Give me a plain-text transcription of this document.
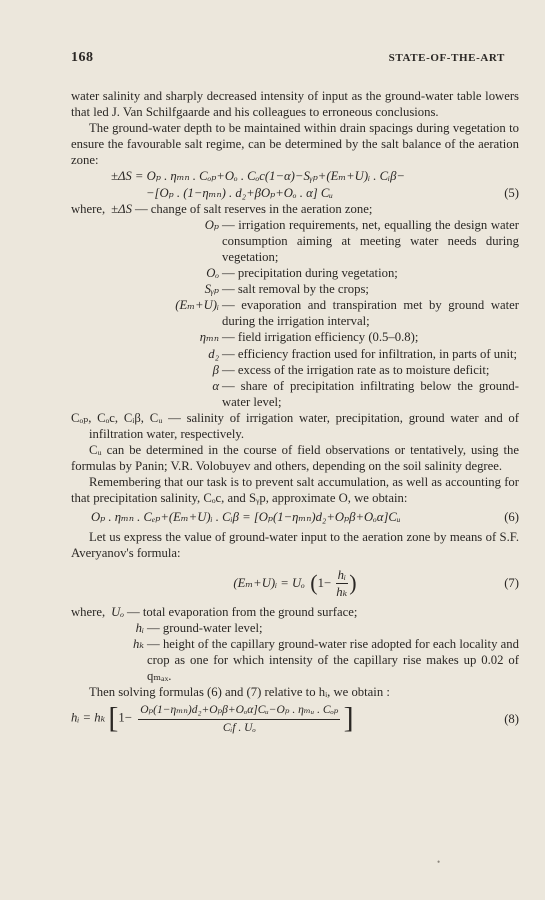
168	STATE-OF-THE-ART

water salinity and sharply decreased intensity of input as the ground-water table lowers that led J. Van Schilfgaarde and his colleagues to erroneous conclusions.

The ground-water depth to be maintained within drain spacings during vegetation to ensure the favourable salt regime, can be determined by the salt balance of the aeration zone:

±ΔS = Oₚ . ηₘₙ . Cₒₚ+Oₒ . Cₒc(1−α)−Sᵧₚ+(Eₘ+U)ᵢ . Cᵢβ−
−[Oₚ . (1−ηₘₙ) . d₂+βOₚ+Oₒ . α] Cᵤ	(5)
where, ±ΔS — change of salt reserves in the aeration zone;
Oₚ — irrigation requirements, net, equalling the design water consumption aiming at meeting water needs during vegetation;
Oₒ — precipitation during vegetation;
Sᵧₚ — salt removal by the crops;
(Eₘ+U)ᵢ — evaporation and transpiration met by ground water during the irrigation interval;
ηₘₙ — field irrigation efficiency (0.5–0.8);
d₂ — efficiency fraction used for infiltration, in parts of unit;
β — excess of the irrigation rate as to moisture deficit;
α — share of precipitation infiltrating below the ground-water level;

Cₒₚ, Cₒc, Cᵢβ, Cᵤ — salinity of irrigation water, precipitation, ground water and of infiltration water, respectively.

Cᵤ can be determined in the course of field observations or tentatively, using the formulas by Panin; V.R. Volobuyev and others, depending on the soil salinity degree.

Remembering that our task is to prevent salt accumulation, as well as accounting for that precipitation salinity, Cₒc, and Sᵧp, approximate O, we obtain:

Oₚ . ηₘₙ . Cₑₚ+(Eₘ+U)ᵢ . Cᵢβ = [Oₚ(1−ηₘₙ)d₂+Oₚβ+Oₒα]Cᵤ	(6)

Let us express the value of ground-water input to the aeration zone by means of S.F. Averyanov's formula:

(Eₘ+U)ᵢ = Uₒ ( $1- \frac{\text{hᵢ}}{\text{hₖ}}$ )	(7)
where, Uₒ — total evaporation from the ground surface;
hᵢ — ground-water level;
hₖ — height of the capillary ground-water rise adopted for each locality and crop as one for which intensity of the capillary rise makes up 0.02 of qₘₐₓ.

Then solving formulas (6) and (7) relative to hᵢ, we obtain :

hᵢ = hₖ [$1- \frac{\text{Oₚ(1−ηₘₙ)d₂+Oₚβ+Oₒα]Cᵤ−Oₚ . ηₘᵤ . Cₒₚ}}{\text{Cᵢf . Uₒ}}$ ]	(8)
•
